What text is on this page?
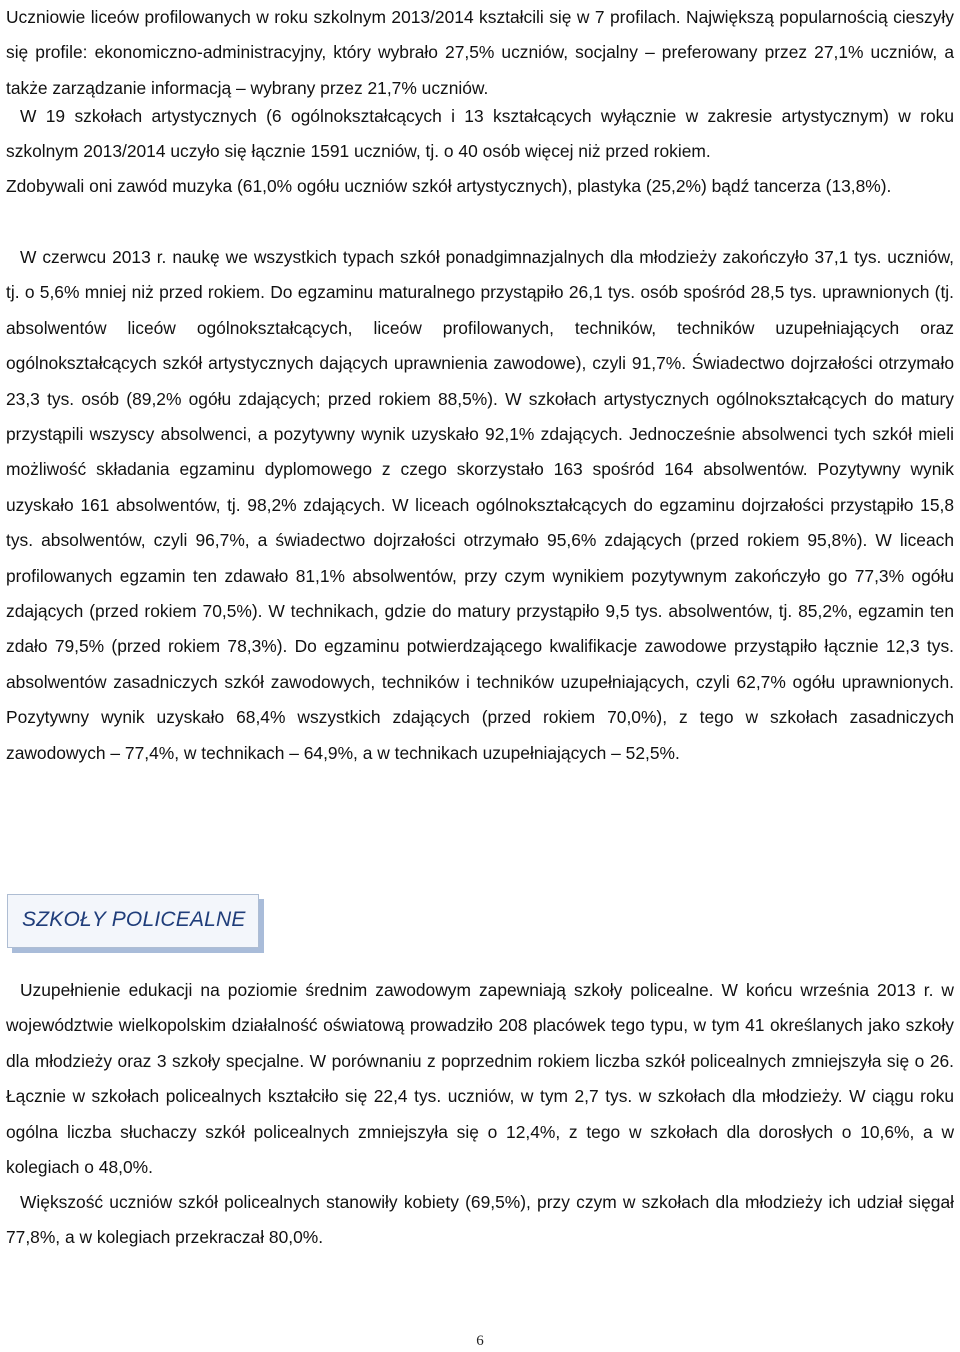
Uczniowie liceów profilowanych w roku szkolnym 2013/2014 kształcili się w 7 profilach. Największą popularnością cieszyły się profile: ekonomiczno-administracyjny, który wybrało 27,5% uczniów, socjalny – preferowany przez 27,1% uczniów, a także zarządzanie informacją – wybrany przez 21,7% uczniów.

W 19 szkołach artystycznych (6 ogólnokształcących i 13 kształcących wyłącznie w zakresie artystycznym) w roku szkolnym 2013/2014 uczyło się łącznie 1591 uczniów, tj. o 40 osób więcej niż przed rokiem.

Zdobywali oni zawód muzyka (61,0% ogółu uczniów szkół artystycznych), plastyka (25,2%) bądź tancerza (13,8%).

W czerwcu 2013 r. naukę we wszystkich typach szkół ponadgimnazjalnych dla młodzieży zakończyło 37,1 tys. uczniów, tj. o 5,6% mniej niż przed rokiem. Do egzaminu maturalnego przystąpiło 26,1 tys. osób spośród 28,5 tys. uprawnionych (tj. absolwentów liceów ogólnokształcących, liceów profilowanych, techników, techników uzupełniających oraz ogólnokształcących szkół artystycznych dających uprawnienia zawodowe), czyli 91,7%. Świadectwo dojrzałości otrzymało 23,3 tys. osób (89,2% ogółu zdających; przed rokiem 88,5%). W szkołach artystycznych ogólnokształcących do matury przystąpili wszyscy absolwenci, a pozytywny wynik uzyskało 92,1% zdających. Jednocześnie absolwenci tych szkół mieli możliwość składania egzaminu dyplomowego z czego skorzystało 163 spośród 164 absolwentów. Pozytywny wynik uzyskało 161 absolwentów, tj. 98,2% zdających. W liceach ogólnokształcących do egzaminu dojrzałości przystąpiło 15,8 tys. absolwentów, czyli 96,7%, a świadectwo dojrzałości otrzymało 95,6% zdających (przed rokiem 95,8%). W liceach profilowanych egzamin ten zdawało 81,1% absolwentów, przy czym wynikiem pozytywnym zakończyło go 77,3% ogółu zdających (przed rokiem 70,5%). W technikach, gdzie do matury przystąpiło 9,5 tys. absolwentów, tj. 85,2%, egzamin ten zdało 79,5% (przed rokiem 78,3%). Do egzaminu potwierdzającego kwalifikacje zawodowe przystąpiło łącznie 12,3 tys. absolwentów zasadniczych szkół zawodowych, techników i techników uzupełniających, czyli 62,7% ogółu uprawnionych. Pozytywny wynik uzyskało 68,4% wszystkich zdających (przed rokiem 70,0%), z tego w szkołach zasadniczych zawodowych – 77,4%, w technikach – 64,9%, a w technikach uzupełniających – 52,5%.

SZKOŁY POLICEALNE

Uzupełnienie edukacji na poziomie średnim zawodowym zapewniają szkoły policealne. W końcu września 2013 r. w województwie wielkopolskim działalność oświatową prowadziło 208 placówek tego typu, w tym 41 określanych jako szkoły dla młodzieży oraz 3 szkoły specjalne. W porównaniu z poprzednim rokiem liczba szkół policealnych zmniejszyła się o 26. Łącznie w szkołach policealnych kształciło się 22,4 tys. uczniów, w tym 2,7 tys. w szkołach dla młodzieży. W ciągu roku ogólna liczba słuchaczy szkół policealnych zmniejszyła się o 12,4%, z tego w szkołach dla dorosłych o 10,6%, a w kolegiach o 48,0%.

Większość uczniów szkół policealnych stanowiły kobiety (69,5%), przy czym w szkołach dla młodzieży ich udział sięgał 77,8%, a w kolegiach przekraczał 80,0%.

6
